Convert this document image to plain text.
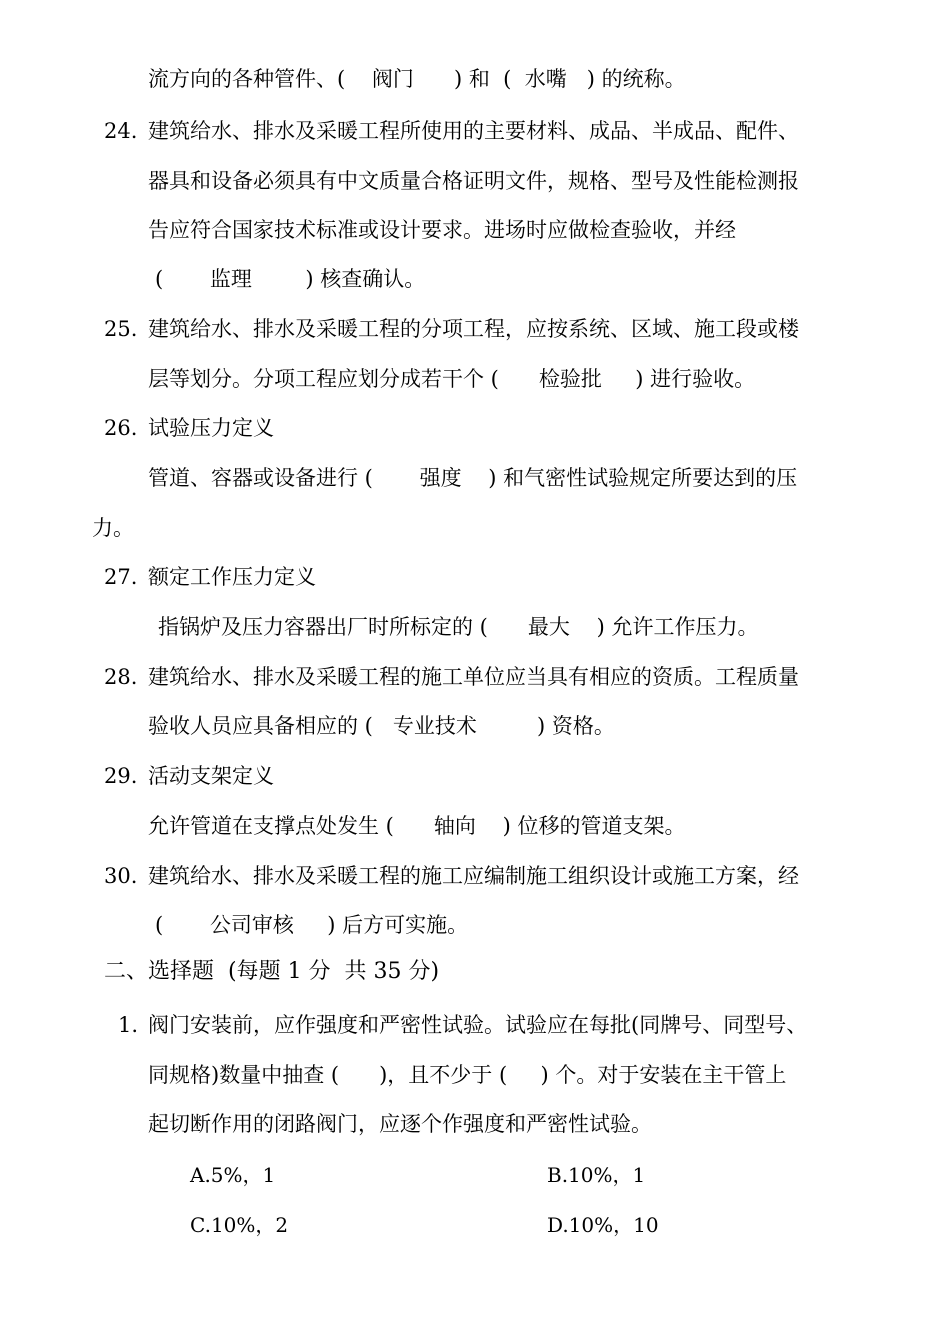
流方向的各种管件、(    阀门      ) 和  (  水嘴   ) 的统称。
24. 建筑给水、排水及采暖工程所使用的主要材料、成品、半成品、配件、
器具和设备必须具有中文质量合格证明文件，规格、型号及性能检测报
告应符合国家技术标准或设计要求。进场时应做检查验收，并经
(       监理        ) 核查确认。
25. 建筑给水、排水及采暖工程的分项工程，应按系统、区域、施工段或楼
层等划分。分项工程应划分成若干个 (      检验批     ) 进行验收。
26. 试验压力定义
管道、容器或设备进行 (       强度    ) 和气密性试验规定所要达到的压
力。
27. 额定工作压力定义
指锅炉及压力容器出厂时所标定的 (      最大    ) 允许工作压力。
28. 建筑给水、排水及采暖工程的施工单位应当具有相应的资质。工程质量
验收人员应具备相应的 (   专业技术         ) 资格。
29. 活动支架定义
允许管道在支撑点处发生 (      轴向    ) 位移的管道支架。
30. 建筑给水、排水及采暖工程的施工应编制施工组织设计或施工方案，经
(       公司审核     ) 后方可实施。
二、选择题  (每题 1 分  共 35 分)
1. 阀门安装前，应作强度和严密性试验。试验应在每批(同牌号、同型号、
同规格)数量中抽查 (      )，且不少于 (     ) 个。对于安装在主干管上
起切断作用的闭路阀门，应逐个作强度和严密性试验。
A.5%，1	B.10%，1
C.10%，2	D.10%，10
